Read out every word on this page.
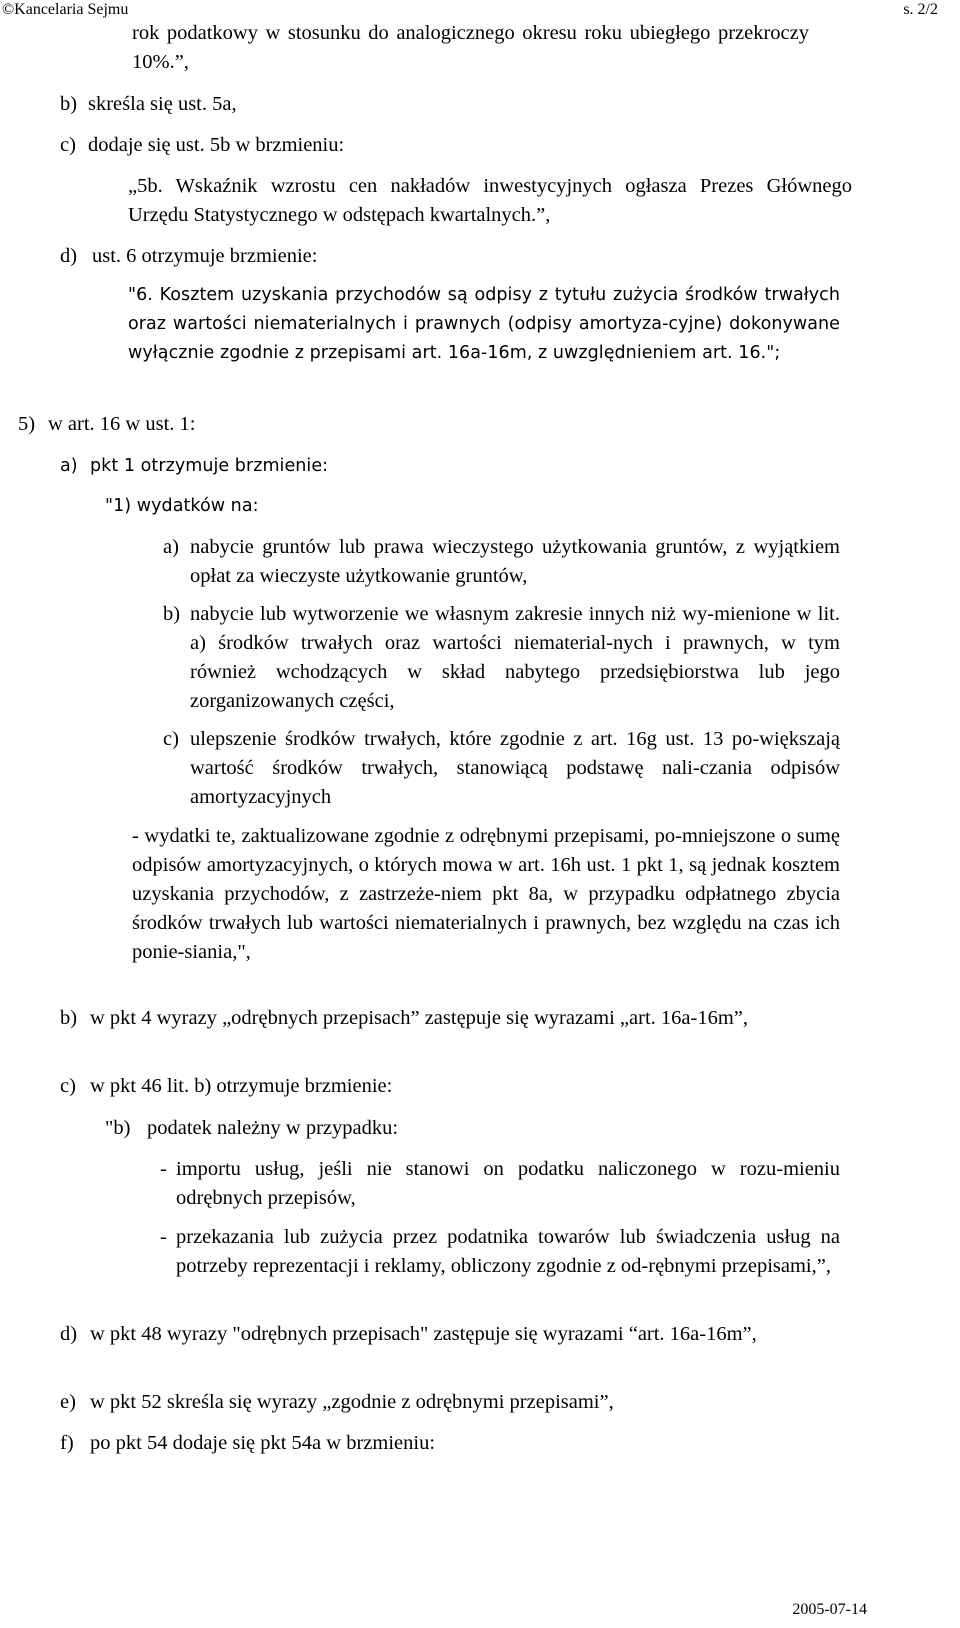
©Kancelaria Sejmu	s. 2/2
rok podatkowy w stosunku do analogicznego okresu roku ubiegłego przekroczy 10%.”,
b) skreśla się ust. 5a,
c) dodaje się ust. 5b w brzmieniu:
„5b. Wskaźnik wzrostu cen nakładów inwestycyjnych ogłasza Prezes Głównego Urzędu Statystycznego w odstępach kwartalnych.”,
d) ust. 6 otrzymuje brzmienie:
"6. Kosztem uzyskania przychodów są odpisy z tytułu zużycia środków trwałych oraz wartości niematerialnych i prawnych (odpisy amortyza-cyjne) dokonywane wyłącznie zgodnie z przepisami art. 16a-16m, z uwzględnieniem art. 16.";
5) w art. 16 w ust. 1:
a) pkt 1 otrzymuje brzmienie:
"1) wydatków na:
a) nabycie gruntów lub prawa wieczystego użytkowania gruntów, z wyjątkiem opłat za wieczyste użytkowanie gruntów,
b) nabycie lub wytworzenie we własnym zakresie innych niż wy-mienione w lit. a) środków trwałych oraz wartości niematerial-nych i prawnych, w tym również wchodzących w skład nabytego przedsiębiorstwa lub jego zorganizowanych części,
c) ulepszenie środków trwałych, które zgodnie z art. 16g ust. 13 po-większają wartość środków trwałych, stanowiącą podstawę nali-czania odpisów amortyzacyjnych
- wydatki te, zaktualizowane zgodnie z odrębnymi przepisami, po-mniejszone o sumę odpisów amortyzacyjnych, o których mowa w art. 16h ust. 1 pkt 1, są jednak kosztem uzyskania przychodów, z zastrzeże-niem pkt 8a, w przypadku odpłatnego zbycia środków trwałych lub wartości niematerialnych i prawnych, bez względu na czas ich ponie-siania,",
b) w pkt 4 wyrazy „odrębnych przepisach” zastępuje się wyrazami „art. 16a-16m”,
c) w pkt 46 lit. b) otrzymuje brzmienie:
"b) podatek należny w przypadku:
- importu usług, jeśli nie stanowi on podatku naliczonego w rozu-mieniu odrębnych przepisów,
- przekazania lub zużycia przez podatnika towarów lub świadczenia usług na potrzeby reprezentacji i reklamy, obliczony zgodnie z od-rębnymi przepisami,”,
d) w pkt 48 wyrazy "odrębnych przepisach" zastępuje się wyrazami “art. 16a-16m”,
e) w pkt 52 skreśla się wyrazy „zgodnie z odrębnymi przepisami”,
f) po pkt 54 dodaje się pkt 54a w brzmieniu:
2005-07-14
